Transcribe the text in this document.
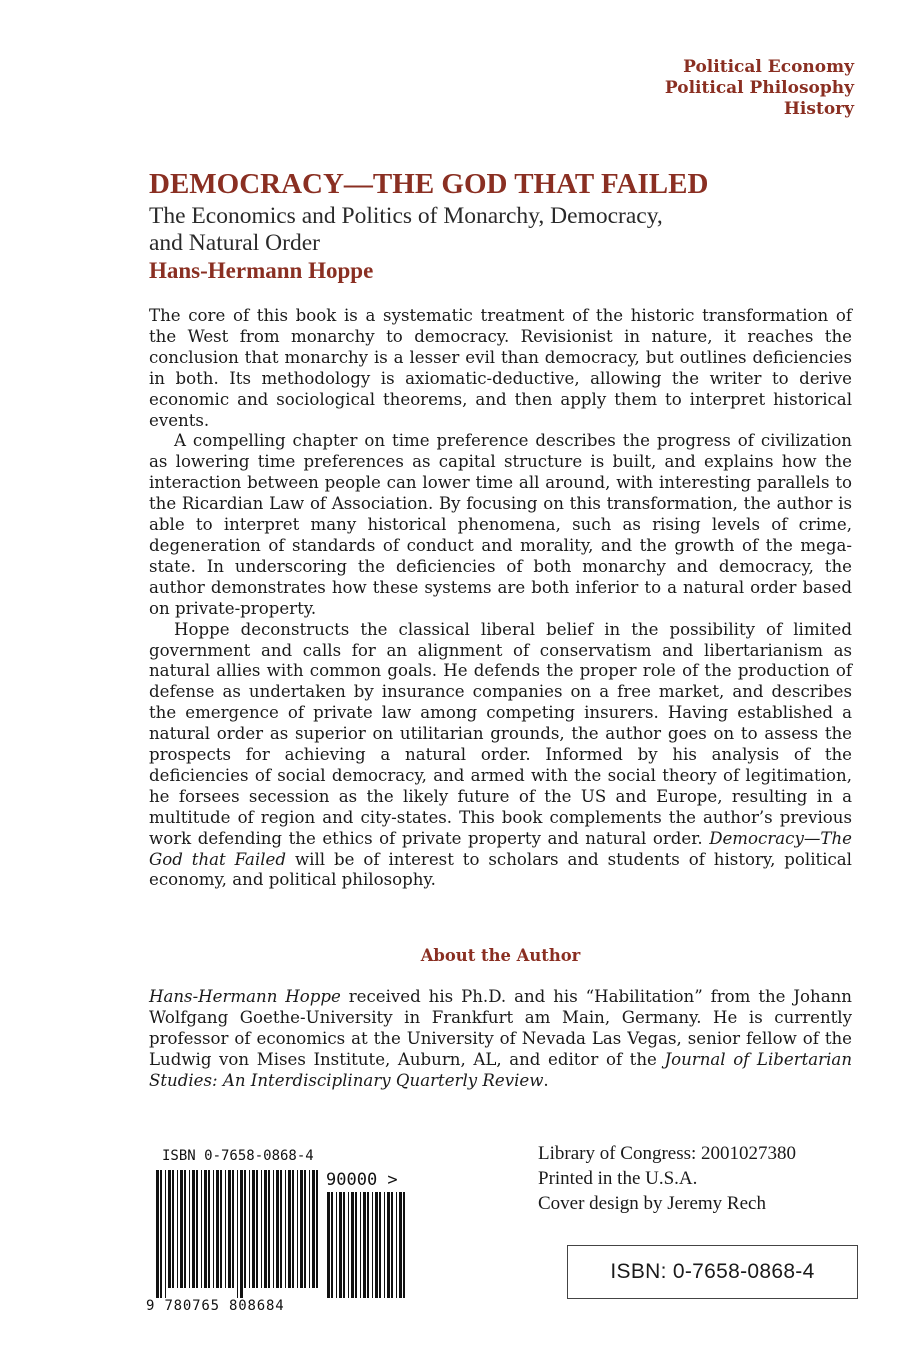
Political Economy
Political Philosophy
History
DEMOCRACY—THE GOD THAT FAILED
The Economics and Politics of Monarchy, Democracy,
and Natural Order
Hans-Hermann Hoppe

The core of this book is a systematic treatment of the historic transformation of the West from monarchy to democracy. Revisionist in nature, it reaches the conclusion that monarchy is a lesser evil than democracy, but outlines deficiencies in both. Its methodology is axiomatic-deductive, allowing the writer to derive economic and sociological theorems, and then apply them to interpret historical events.

A compelling chapter on time preference describes the progress of civilization as lowering time preferences as capital structure is built, and explains how the interaction between people can lower time all around, with interesting parallels to the Ricardian Law of Association. By focusing on this transformation, the author is able to interpret many historical phenomena, such as rising levels of crime, degeneration of standards of conduct and morality, and the growth of the mega-state. In underscoring the deficiencies of both monarchy and democracy, the author demonstrates how these systems are both inferior to a natural order based on private-property.

Hoppe deconstructs the classical liberal belief in the possibility of limited government and calls for an alignment of conservatism and libertarianism as natural allies with common goals. He defends the proper role of the production of defense as undertaken by insurance companies on a free market, and describes the emergence of private law among competing insurers. Having established a natural order as superior on utilitarian grounds, the author goes on to assess the prospects for achieving a natural order. Informed by his analysis of the deficiencies of social democracy, and armed with the social theory of legitimation, he forsees secession as the likely future of the US and Europe, resulting in a multitude of region and city-states. This book complements the author’s previous work defending the ethics of private property and natural order. Democracy—The God that Failed will be of interest to scholars and students of history, political economy, and political philosophy.

About the Author

Hans-Hermann Hoppe received his Ph.D. and his “Habilitation” from the Johann Wolfgang Goethe-University in Frankfurt am Main, Germany. He is currently professor of economics at the University of Nevada Las Vegas, senior fellow of the Ludwig von Mises Institute, Auburn, AL, and editor of the Journal of Libertarian Studies: An Interdisciplinary Quarterly Review.

ISBN 0-7658-0868-4
90000 >
9 780765 808684
Library of Congress: 2001027380
Printed in the U.S.A.
Cover design by Jeremy Rech
ISBN: 0-7658-0868-4
